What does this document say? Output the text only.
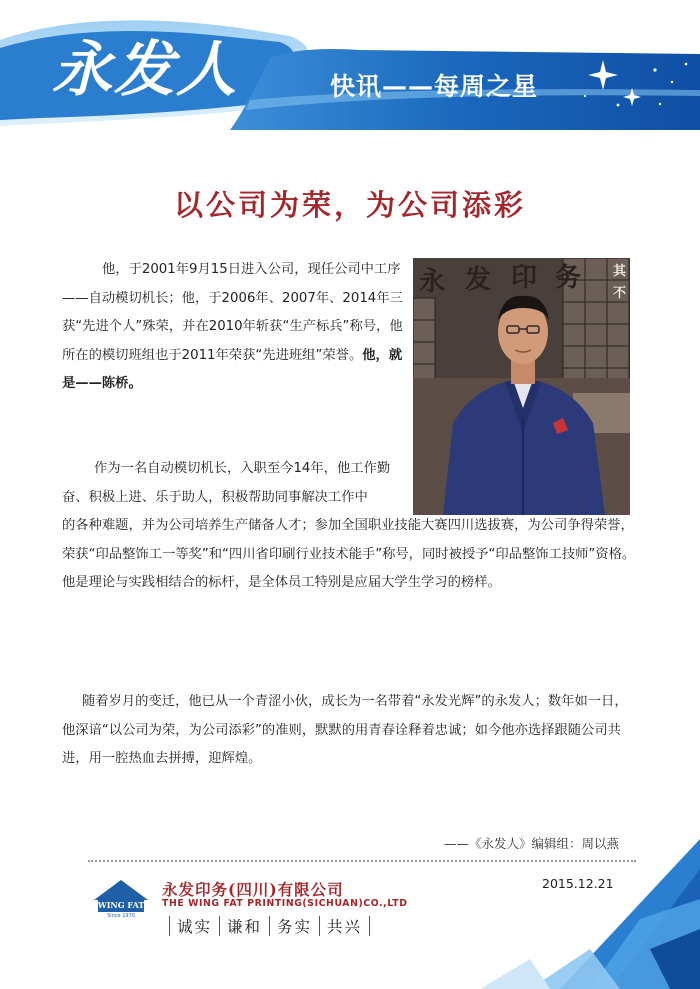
永发人	快讯——每周之星
以公司为荣，为公司添彩
永 发 印 务 其
不
他，于2001年9月15日进入公司，现任公司中工序——自动模切机长；他，于2006年、2007年、2014年三获“先进个人”殊荣，并在2010年斩获“生产标兵”称号，他所在的模切班组也于2011年荣获“先进班组”荣誉。他，就是——陈桥。
作为一名自动模切机长，入职至今14年，他工作勤奋、积极上进、乐于助人，积极帮助同事解决工作中
的各种难题，并为公司培养生产储备人才；参加全国职业技能大赛四川选拔赛，为公司争得荣誉，荣获“印品整饰工一等奖”和“四川省印刷行业技术能手”称号，同时被授予“印品整饰工技师”资格。他是理论与实践相结合的标杆，是全体员工特别是应届大学生学习的榜样。
随着岁月的变迁，他已从一个青涩小伙，成长为一名带着“永发光辉”的永发人；数年如一日，他深谙“以公司为荣，为公司添彩”的准则，默默的用青春诠释着忠诚；如今他亦选择跟随公司共进，用一腔热血去拼搏，迎辉煌。
——《永发人》编辑组：周以燕
WING FAT
Since 1970
永发印务(四川)有限公司
THE WING FAT PRINTING(SICHUAN)CO.,LTD
诚实 谦和 务实 共兴
2015.12.21
